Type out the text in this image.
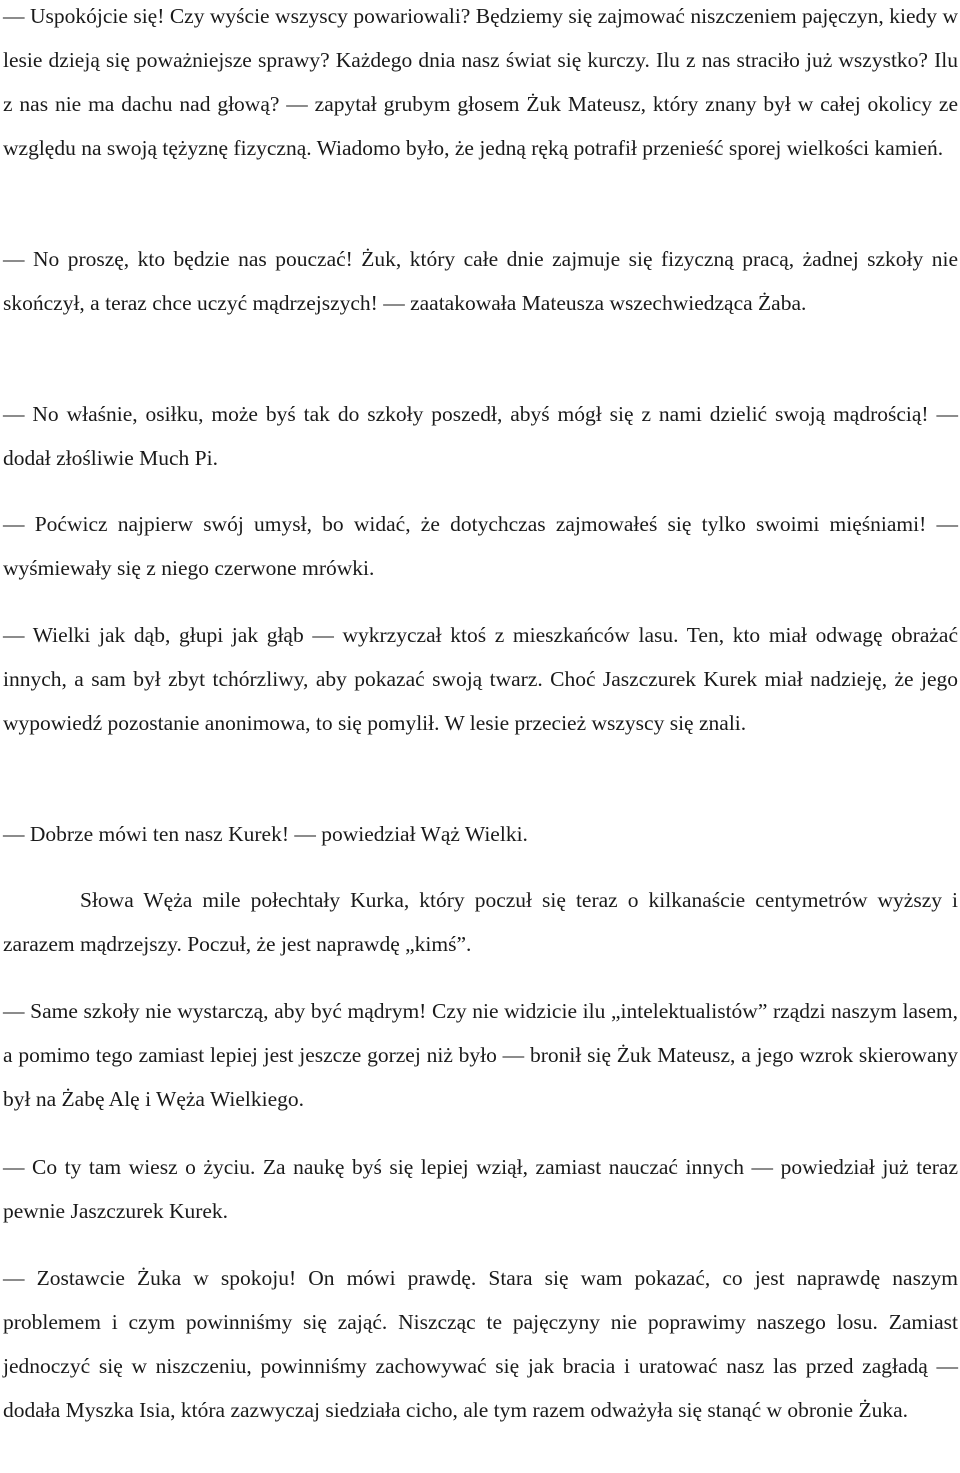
— Uspokójcie się! Czy wyście wszyscy powariowali? Będziemy się zajmować niszczeniem pajęczyn, kiedy w lesie dzieją się poważniejsze sprawy? Każdego dnia nasz świat się kurczy. Ilu z nas straciło już wszystko? Ilu z nas nie ma dachu nad głową? — zapytał grubym głosem Żuk Mateusz, który znany był w całej okolicy ze względu na swoją tężyznę fizyczną. Wiadomo było, że jedną ręką potrafił przenieść sporej wielkości kamień.

— No proszę, kto będzie nas pouczać! Żuk, który całe dnie zajmuje się fizyczną pracą, żadnej szkoły nie skończył, a teraz chce uczyć mądrzejszych! — zaatakowała Mateusza wszechwiedząca Żaba.

— No właśnie, osiłku, może byś tak do szkoły poszedł, abyś mógł się z nami dzielić swoją mądrością! — dodał złośliwie Much Pi.

— Poćwicz najpierw swój umysł, bo widać, że dotychczas zajmowałeś się tylko swoimi mięśniami! — wyśmiewały się z niego czerwone mrówki.

— Wielki jak dąb, głupi jak głąb — wykrzyczał ktoś z mieszkańców lasu. Ten, kto miał odwagę obrażać innych, a sam był zbyt tchórzliwy, aby pokazać swoją twarz. Choć Jaszczurek Kurek miał nadzieję, że jego wypowiedź pozostanie anonimowa, to się pomylił. W lesie przecież wszyscy się znali.

— Dobrze mówi ten nasz Kurek! — powiedział Wąż Wielki.

Słowa Węża mile połechtały Kurka, który poczuł się teraz o kilkanaście centymetrów wyższy i zarazem mądrzejszy. Poczuł, że jest naprawdę „kimś”.

— Same szkoły nie wystarczą, aby być mądrym! Czy nie widzicie ilu „intelektualistów” rządzi naszym lasem, a pomimo tego zamiast lepiej jest jeszcze gorzej niż było — bronił się Żuk Mateusz, a jego wzrok skierowany był na Żabę Alę i Węża Wielkiego.

— Co ty tam wiesz o życiu. Za naukę byś się lepiej wziął, zamiast nauczać innych — powiedział już teraz pewnie Jaszczurek Kurek.

— Zostawcie Żuka w spokoju! On mówi prawdę. Stara się wam pokazać, co jest naprawdę naszym problemem i czym powinniśmy się zająć. Niszcząc te pajęczyny nie poprawimy naszego losu. Zamiast jednoczyć się w niszczeniu, powinniśmy zachowywać się jak bracia i uratować nasz las przed zagładą — dodała Myszka Isia, która zazwyczaj siedziała cicho, ale tym razem odważyła się stanąć w obronie Żuka.
